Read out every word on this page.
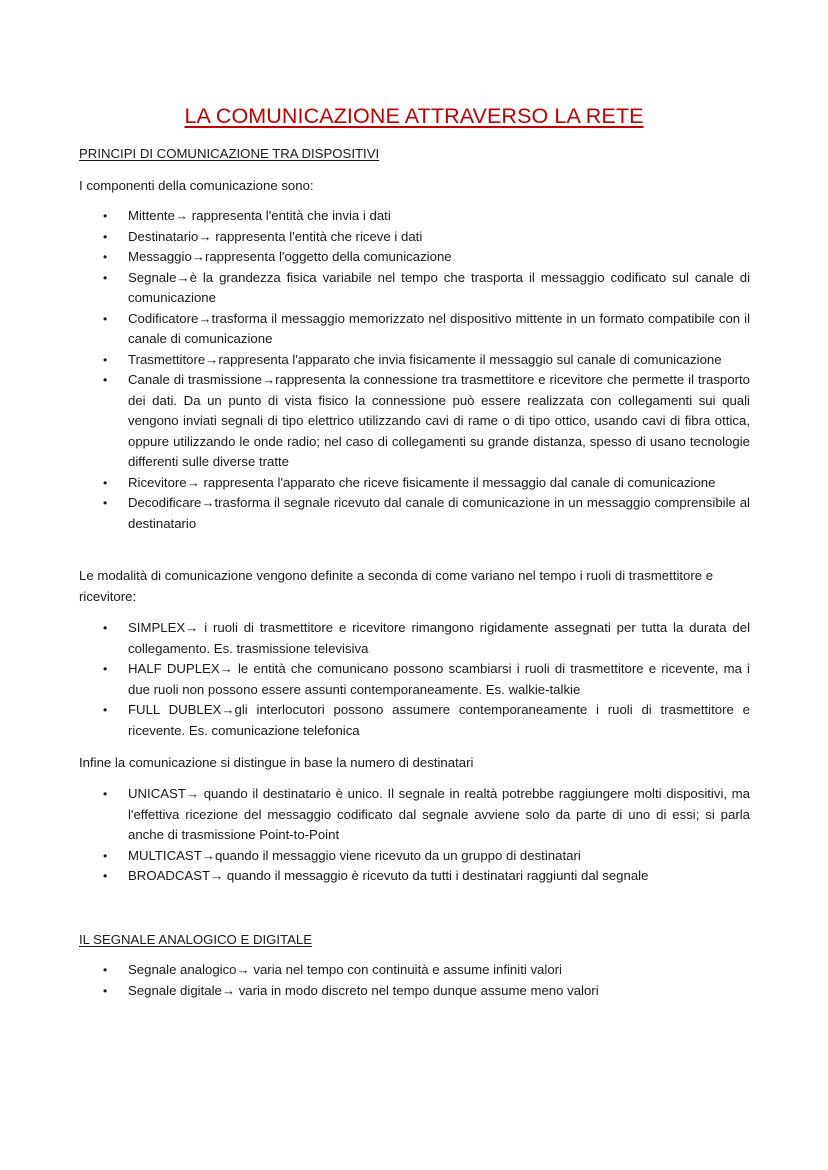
LA COMUNICAZIONE ATTRAVERSO LA RETE
PRINCIPI DI COMUNICAZIONE TRA DISPOSITIVI
I componenti della comunicazione sono:
• Mittente→ rappresenta l'entità che invia i dati
• Destinatario→ rappresenta l'entità che riceve i dati
• Messaggio→rappresenta l'oggetto della comunicazione
• Segnale→è la grandezza fisica variabile nel tempo che trasporta il messaggio codificato sul canale di comunicazione
• Codificatore→trasforma il messaggio memorizzato nel dispositivo mittente in un formato compatibile con il canale di comunicazione
• Trasmettitore→rappresenta l'apparato che invia fisicamente il messaggio sul canale di comunicazione
• Canale di trasmissione→rappresenta la connessione tra trasmettitore e ricevitore che permette il trasporto dei dati. Da un punto di vista fisico la connessione può essere realizzata con collegamenti sui quali vengono inviati segnali di tipo elettrico utilizzando cavi di rame o di tipo ottico, usando cavi di fibra ottica, oppure utilizzando le onde radio; nel caso di collegamenti su grande distanza, spesso di usano tecnologie differenti sulle diverse tratte
• Ricevitore→ rappresenta l'apparato che riceve fisicamente il messaggio dal canale di comunicazione
• Decodificare→trasforma il segnale ricevuto dal canale di comunicazione in un messaggio comprensibile al destinatario
Le modalità di comunicazione vengono definite a seconda di come variano nel tempo i ruoli di trasmettitore e ricevitore:
• SIMPLEX→ i ruoli di trasmettitore e ricevitore rimangono rigidamente assegnati per tutta la durata del collegamento. Es. trasmissione televisiva
• HALF DUPLEX→ le entità che comunicano possono scambiarsi i ruoli di trasmettitore e ricevente, ma i due ruoli non possono essere assunti contemporaneamente. Es. walkie-talkie
• FULL DUBLEX→gli interlocutori possono assumere contemporaneamente i ruoli di trasmettitore e ricevente. Es. comunicazione telefonica
Infine la comunicazione si distingue in base la numero di destinatari
• UNICAST→ quando il destinatario è unico. Il segnale in realtà potrebbe raggiungere molti dispositivi, ma l'effettiva ricezione del messaggio codificato dal segnale avviene solo da parte di uno di essi; si parla anche di trasmissione Point-to-Point
• MULTICAST→quando il messaggio viene ricevuto da un gruppo di destinatari
• BROADCAST→ quando il messaggio è ricevuto da tutti i destinatari raggiunti dal segnale
IL SEGNALE ANALOGICO E DIGITALE
• Segnale analogico→ varia nel tempo con continuità e assume infiniti valori
• Segnale digitale→ varia in modo discreto nel tempo dunque assume meno valori
